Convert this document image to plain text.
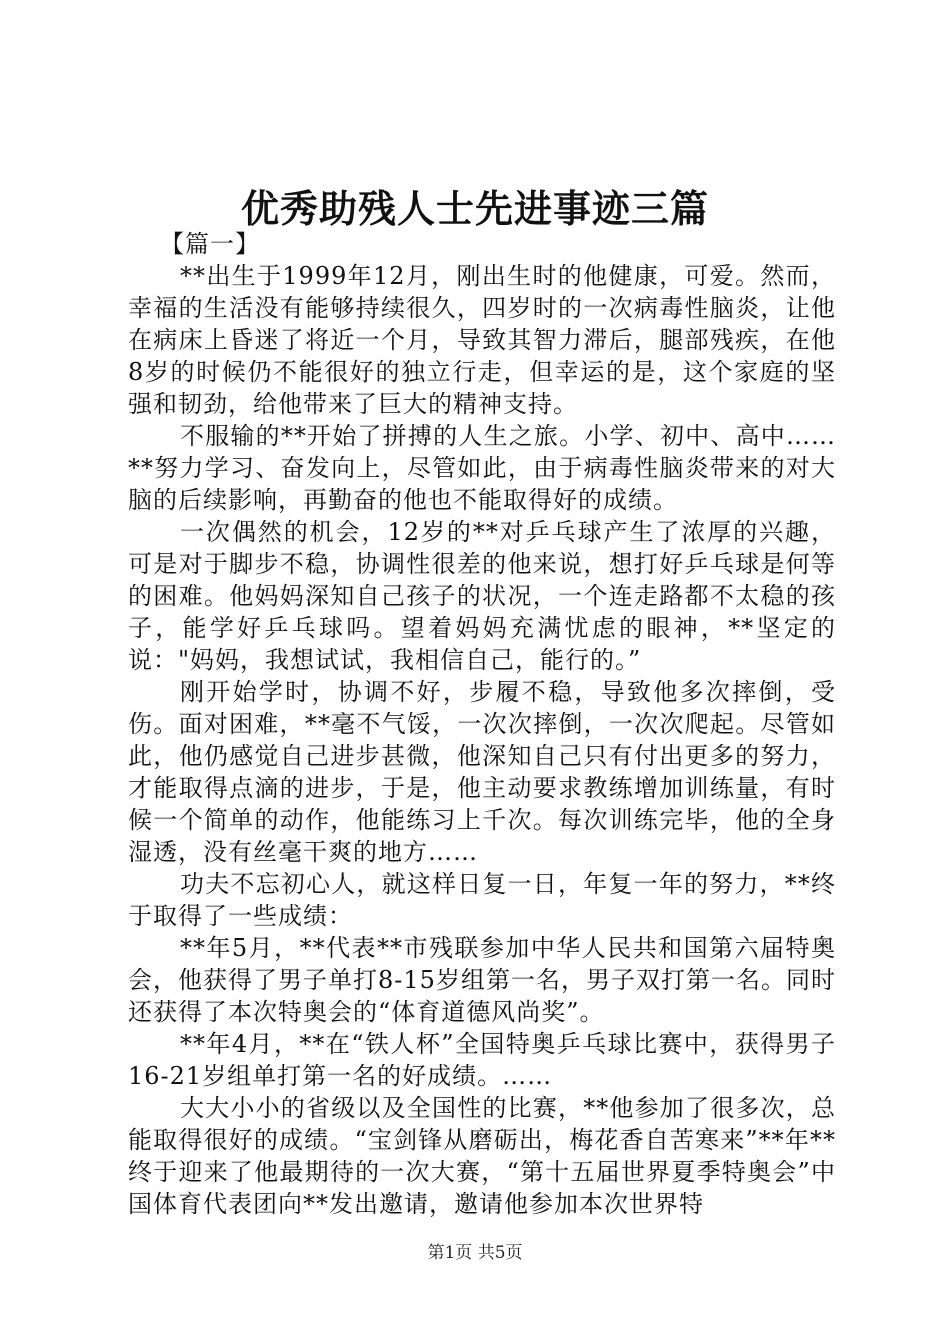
优秀助残人士先进事迹三篇

【篇一】

**出生于1999年12月，刚出生时的他健康，可爱。然而，幸福的生活没有能够持续很久，四岁时的一次病毒性脑炎，让他在病床上昏迷了将近一个月，导致其智力滞后，腿部残疾，在他8岁的时候仍不能很好的独立行走，但幸运的是，这个家庭的坚强和韧劲，给他带来了巨大的精神支持。

不服输的**开始了拼搏的人生之旅。小学、初中、高中……**努力学习、奋发向上，尽管如此，由于病毒性脑炎带来的对大脑的后续影响，再勤奋的他也不能取得好的成绩。

一次偶然的机会，12岁的**对乒乓球产生了浓厚的兴趣，可是对于脚步不稳，协调性很差的他来说，想打好乒乓球是何等的困难。他妈妈深知自己孩子的状况，一个连走路都不太稳的孩子，能学好乒乓球吗。望着妈妈充满忧虑的眼神，**坚定的说："妈妈，我想试试，我相信自己，能行的。”

刚开始学时，协调不好，步履不稳，导致他多次摔倒，受伤。面对困难，**毫不气馁，一次次摔倒，一次次爬起。尽管如此，他仍感觉自己进步甚微，他深知自己只有付出更多的努力，才能取得点滴的进步，于是，他主动要求教练增加训练量，有时候一个简单的动作，他能练习上千次。每次训练完毕，他的全身湿透，没有丝毫干爽的地方……

功夫不忘初心人，就这样日复一日，年复一年的努力，**终于取得了一些成绩：

**年5月，**代表**市残联参加中华人民共和国第六届特奥会，他获得了男子单打8-15岁组第一名，男子双打第一名。同时还获得了本次特奥会的“体育道德风尚奖”。

**年4月，**在“铁人杯”全国特奥乒乓球比赛中，获得男子16-21岁组单打第一名的好成绩。……

大大小小的省级以及全国性的比赛，**他参加了很多次，总能取得很好的成绩。“宝剑锋从磨砺出，梅花香自苦寒来”**年**终于迎来了他最期待的一次大赛，“第十五届世界夏季特奥会”中国体育代表团向**发出邀请，邀请他参加本次世界特

第1页 共5页
